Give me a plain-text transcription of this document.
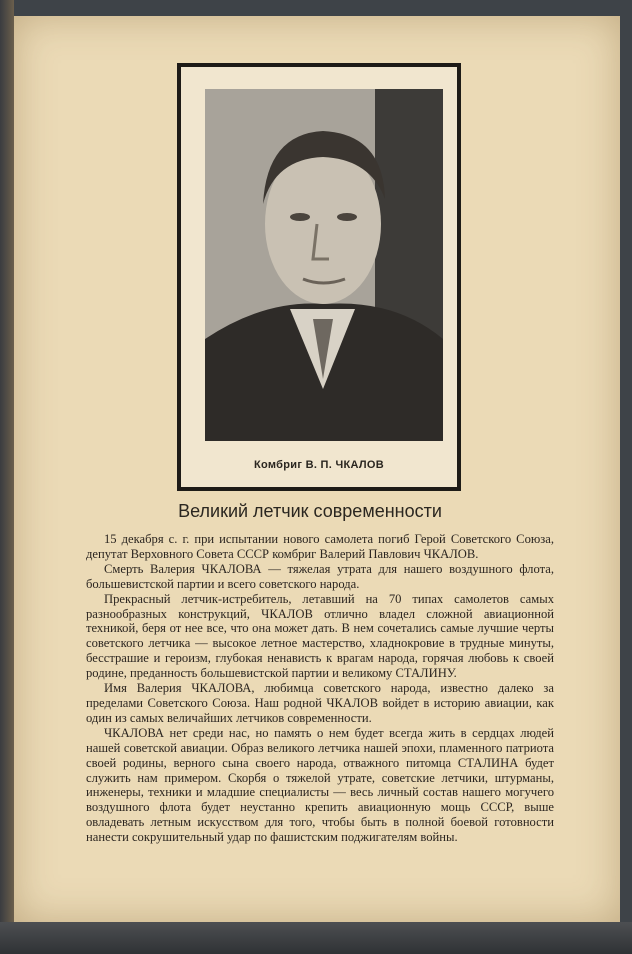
Комбриг В. П. ЧКАЛОВ
Великий летчик современности

15 декабря с. г. при испытании нового самолета погиб Герой Советского Союза, депутат Верховного Совета СССР комбриг Валерий Павлович ЧКАЛОВ.

Смерть Валерия ЧКАЛОВА — тяжелая утрата для нашего воздушного флота, большевистской партии и всего советского народа.

Прекрасный летчик-истребитель, летавший на 70 типах самолетов самых разнообразных конструкций, ЧКАЛОВ отлично владел сложной авиационной техникой, беря от нее все, что она может дать. В нем сочетались самые лучшие черты советского летчика — высокое летное мастерство, хладнокровие в трудные минуты, бесстрашие и героизм, глубокая ненависть к врагам народа, горячая любовь к своей родине, преданность большевистской партии и великому СТАЛИНУ.

Имя Валерия ЧКАЛОВА, любимца советского народа, известно далеко за пределами Советского Союза. Наш родной ЧКАЛОВ войдет в историю авиации, как один из самых величайших летчиков современности.

ЧКАЛОВА нет среди нас, но память о нем будет всегда жить в сердцах людей нашей советской авиации. Образ великого летчика нашей эпохи, пламенного патриота своей родины, верного сына своего народа, отважного питомца СТАЛИНА будет служить нам примером. Скорбя о тяжелой утрате, советские летчики, штурманы, инженеры, техники и младшие специалисты — весь личный состав нашего могучего воздушного флота будет неустанно крепить авиационную мощь СССР, выше овладевать летным искусством для того, чтобы быть в полной боевой готовности нанести сокрушительный удар по фашистским поджигателям войны.
